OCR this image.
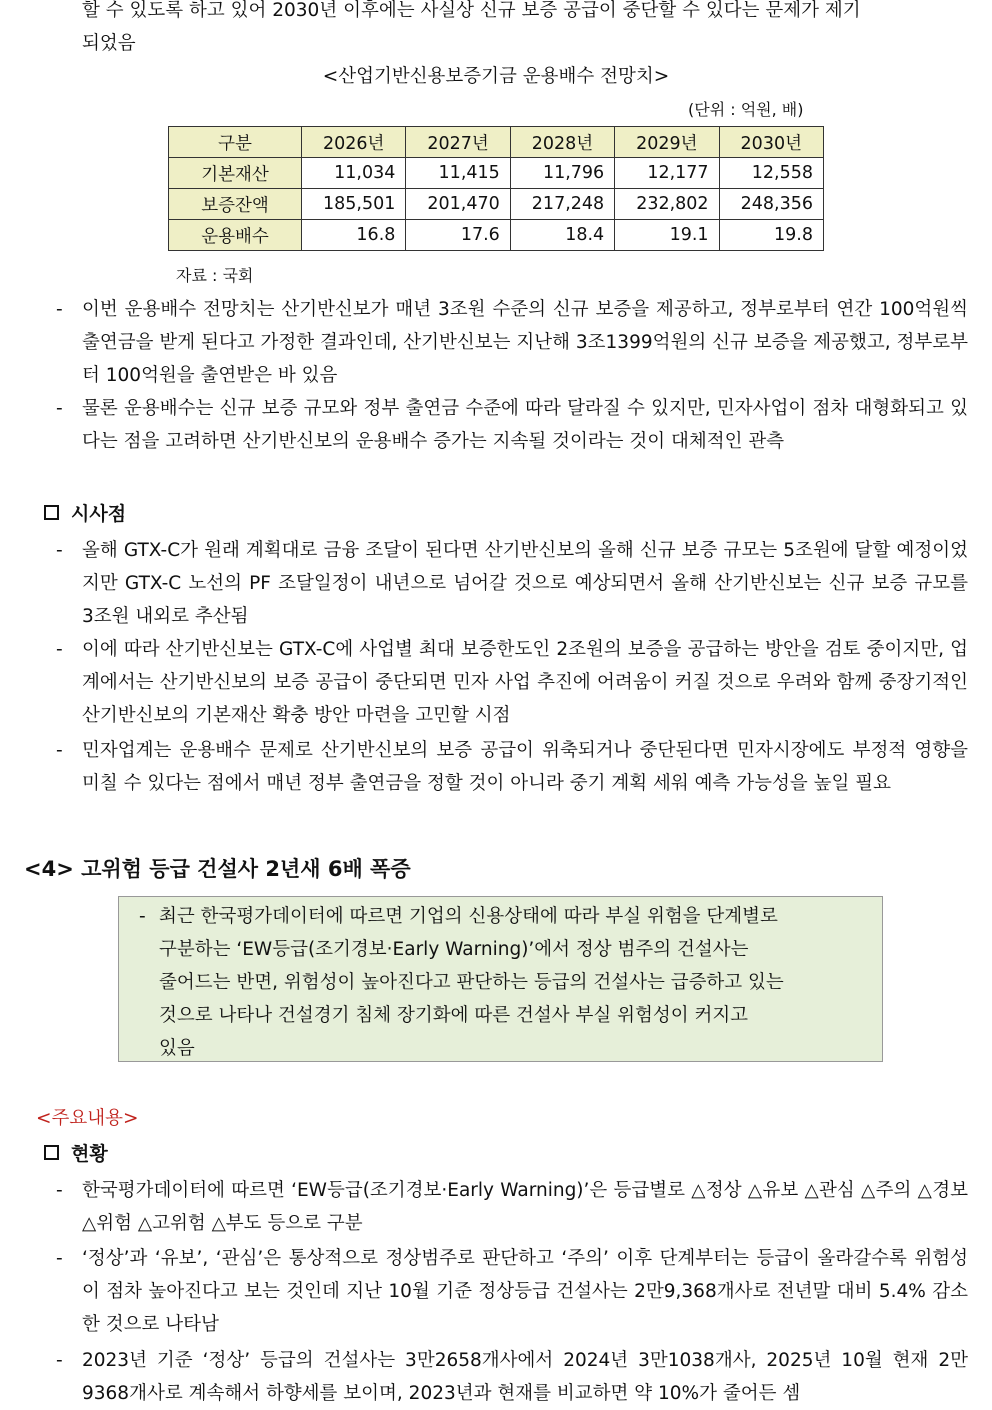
할 수 있도록 하고 있어 2030년 이후에는 사실상 신규 보증 공급이 중단할 수 있다는 문제가 제기
되었음
<산업기반신용보증기금 운용배수 전망치>
(단위 : 억원, 배)
구분	2026년	2027년	2028년	2029년	2030년
기본재산	11,034	11,415	11,796	12,177	12,558
보증잔액	185,501	201,470	217,248	232,802	248,356
운용배수	16.8	17.6	18.4	19.1	19.8
자료 : 국회
-	이번 운용배수 전망치는 산기반신보가 매년 3조원 수준의 신규 보증을 제공하고, 정부로부터 연간 100억원씩 출연금을 받게 된다고 가정한 결과인데, 산기반신보는 지난해 3조1399억원의 신규 보증을 제공했고, 정부로부터 100억원을 출연받은 바 있음
-	물론 운용배수는 신규 보증 규모와 정부 출연금 수준에 따라 달라질 수 있지만, 민자사업이 점차 대형화되고 있다는 점을 고려하면 산기반신보의 운용배수 증가는 지속될 것이라는 것이 대체적인 관측
시사점
-	올해 GTX-C가 원래 계획대로 금융 조달이 된다면 산기반신보의 올해 신규 보증 규모는 5조원에 달할 예정이었지만 GTX-C 노선의 PF 조달일정이 내년으로 넘어갈 것으로 예상되면서 올해 산기반신보는 신규 보증 규모를 3조원 내외로 추산됨
-	이에 따라 산기반신보는 GTX-C에 사업별 최대 보증한도인 2조원의 보증을 공급하는 방안을 검토 중이지만, 업계에서는 산기반신보의 보증 공급이 중단되면 민자 사업 추진에 어려움이 커질 것으로 우려와 함께 중장기적인 산기반신보의 기본재산 확충 방안 마련을 고민할 시점
-	민자업계는 운용배수 문제로 산기반신보의 보증 공급이 위축되거나 중단된다면 민자시장에도 부정적 영향을 미칠 수 있다는 점에서 매년 정부 출연금을 정할 것이 아니라 중기 계획 세워 예측 가능성을 높일 필요
<4> 고위험 등급 건설사 2년새 6배 폭증
- 최근 한국평가데이터에 따르면 기업의 신용상태에 따라 부실 위험을 단계별로
구분하는 ‘EW등급(조기경보·Early Warning)’에서 정상 범주의 건설사는
줄어드는 반면, 위험성이 높아진다고 판단하는 등급의 건설사는 급증하고 있는
것으로 나타나 건설경기 침체 장기화에 따른 건설사 부실 위험성이 커지고
있음
<주요내용>
현황
-	한국평가데이터에 따르면 ‘EW등급(조기경보·Early Warning)’은 등급별로 △정상 △유보 △관심 △주의 △경보 △위험 △고위험 △부도 등으로 구분
-	‘정상’과 ‘유보’, ‘관심’은 통상적으로 정상범주로 판단하고 ‘주의’ 이후 단계부터는 등급이 올라갈수록 위험성이 점차 높아진다고 보는 것인데 지난 10월 기준 정상등급 건설사는 2만9,368개사로 전년말 대비 5.4% 감소한 것으로 나타남
-	2023년 기준 ‘정상’ 등급의 건설사는 3만2658개사에서 2024년 3만1038개사, 2025년 10월 현재 2만9368개사로 계속해서 하향세를 보이며, 2023년과 현재를 비교하면 약 10%가 줄어든 셈
